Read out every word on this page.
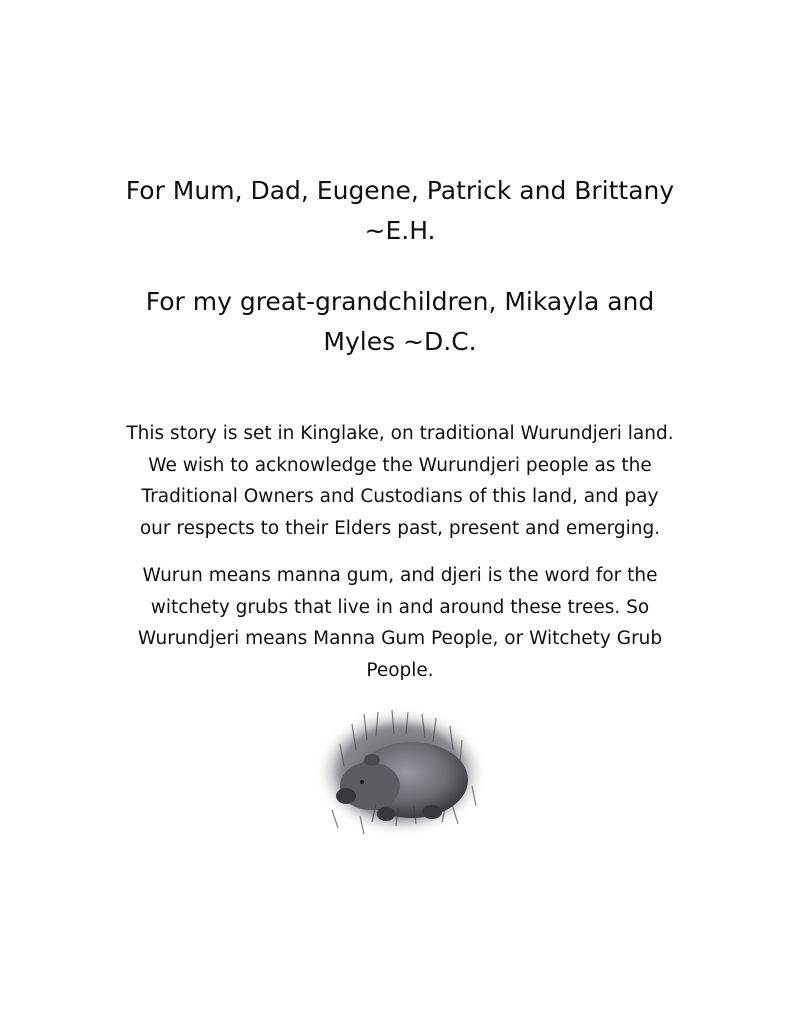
For Mum, Dad, Eugene, Patrick and Brittany
~E.H.

For my great-grandchildren, Mikayla and
Myles ~D.C.

This story is set in Kinglake, on traditional Wurundjeri land.
We wish to acknowledge the Wurundjeri people as the
Traditional Owners and Custodians of this land, and pay
our respects to their Elders past, present and emerging.

Wurun means manna gum, and djeri is the word for the
witchety grubs that live in and around these trees. So
Wurundjeri means Manna Gum People, or Witchety Grub
People.
